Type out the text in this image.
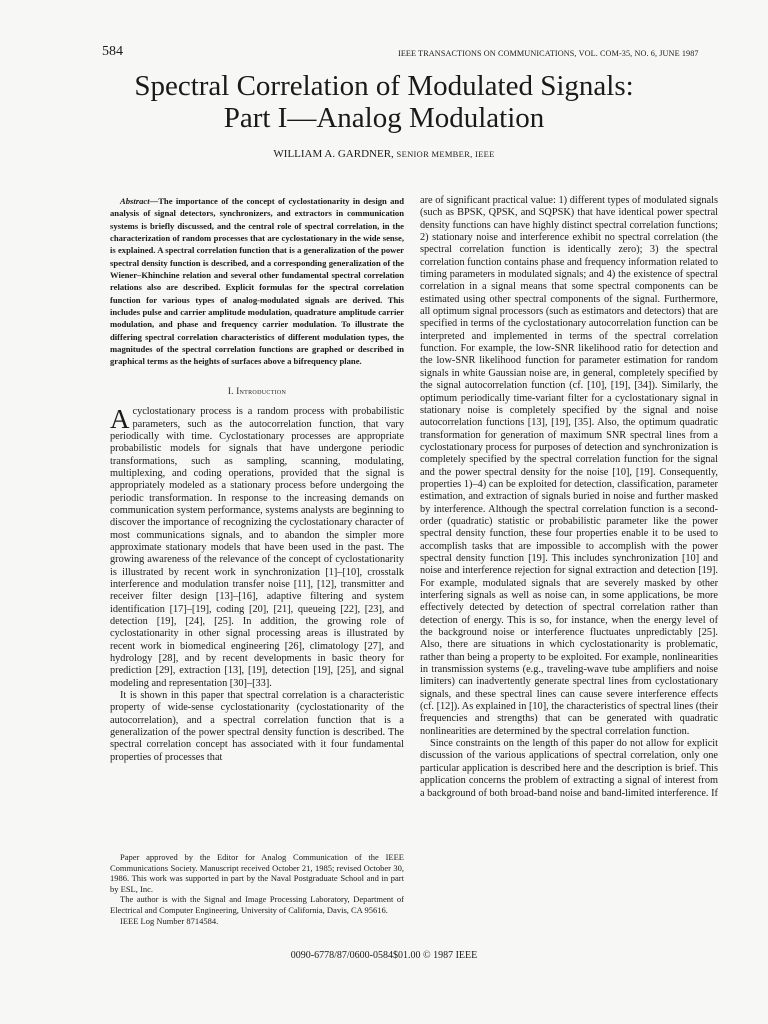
584	IEEE TRANSACTIONS ON COMMUNICATIONS, VOL. COM-35, NO. 6, JUNE 1987
Spectral Correlation of Modulated Signals:
Part I—Analog Modulation
WILLIAM A. GARDNER, SENIOR MEMBER, IEEE

Abstract—The importance of the concept of cyclostationarity in design and analysis of signal detectors, synchronizers, and extractors in communication systems is briefly discussed, and the central role of spectral correlation, in the characterization of random processes that are cyclostationary in the wide sense, is explained. A spectral correlation function that is a generalization of the power spectral density function is described, and a corresponding generalization of the Wiener–Khinchine relation and several other fundamental spectral correlation relations also are described. Explicit formulas for the spectral correlation function for various types of analog-modulated signals are derived. This includes pulse and carrier amplitude modulation, quadrature amplitude carrier modulation, and phase and frequency carrier modulation. To illustrate the differing spectral correlation characteristics of different modulation types, the magnitudes of the spectral correlation functions are graphed or described in graphical terms as the heights of surfaces above a bifrequency plane.

I. Introduction

Acyclostationary process is a random process with probabilistic parameters, such as the autocorrelation function, that vary periodically with time. Cyclostationary processes are appropriate probabilistic models for signals that have undergone periodic transformations, such as sampling, scanning, modulating, multiplexing, and coding operations, provided that the signal is appropriately modeled as a stationary process before undergoing the periodic transformation. In response to the increasing demands on communication system performance, systems analysts are beginning to discover the importance of recognizing the cyclostationary character of most communications signals, and to abandon the simpler more approximate stationary models that have been used in the past. The growing awareness of the relevance of the concept of cyclostationarity is illustrated by recent work in synchronization [1]–[10], crosstalk interference and modulation transfer noise [11], [12], transmitter and receiver filter design [13]–[16], adaptive filtering and system identification [17]–[19], coding [20], [21], queueing [22], [23], and detection [19], [24], [25]. In addition, the growing role of cyclostationarity in other signal processing areas is illustrated by recent work in biomedical engineering [26], climatology [27], and hydrology [28], and by recent developments in basic theory for prediction [29], extraction [13], [19], detection [19], [25], and signal modeling and representation [30]–[33].

It is shown in this paper that spectral correlation is a characteristic property of wide-sense cyclostationarity (cyclostationarity of the autocorrelation), and a spectral correlation function that is a generalization of the power spectral density function is described. The spectral correlation concept has associated with it four fundamental properties of processes that

Paper approved by the Editor for Analog Communication of the IEEE Communications Society. Manuscript received October 21, 1985; revised October 30, 1986. This work was supported in part by the Naval Postgraduate School and in part by ESL, Inc.

The author is with the Signal and Image Processing Laboratory, Department of Electrical and Computer Engineering, University of California, Davis, CA 95616.

IEEE Log Number 8714584.

are of significant practical value: 1) different types of modulated signals (such as BPSK, QPSK, and SQPSK) that have identical power spectral density functions can have highly distinct spectral correlation functions; 2) stationary noise and interference exhibit no spectral correlation (the spectral correlation function is identically zero); 3) the spectral correlation function contains phase and frequency information related to timing parameters in modulated signals; and 4) the existence of spectral correlation in a signal means that some spectral components can be estimated using other spectral components of the signal. Furthermore, all optimum signal processors (such as estimators and detectors) that are specified in terms of the cyclostationary autocorrelation function can be interpreted and implemented in terms of the spectral correlation function. For example, the low-SNR likelihood ratio for detection and the low-SNR likelihood function for parameter estimation for random signals in white Gaussian noise are, in general, completely specified by the signal autocorrelation function (cf. [10], [19], [34]). Similarly, the optimum periodically time-variant filter for a cyclostationary signal in stationary noise is completely specified by the signal and noise autocorrelation functions [13], [19], [35]. Also, the optimum quadratic transformation for generation of maximum SNR spectral lines from a cyclostationary process for purposes of detection and synchronization is completely specified by the spectral correlation function for the signal and the power spectral density for the noise [10], [19]. Consequently, properties 1)–4) can be exploited for detection, classification, parameter estimation, and extraction of signals buried in noise and further masked by interference. Although the spectral correlation function is a second-order (quadratic) statistic or probabilistic parameter like the power spectral density function, these four properties enable it to be used to accomplish tasks that are impossible to accomplish with the power spectral density function [19]. This includes synchronization [10] and noise and interference rejection for signal extraction and detection [19]. For example, modulated signals that are severely masked by other interfering signals as well as noise can, in some applications, be more effectively detected by detection of spectral correlation rather than detection of energy. This is so, for instance, when the energy level of the background noise or interference fluctuates unpredictably [25]. Also, there are situations in which cyclostationarity is problematic, rather than being a property to be exploited. For example, nonlinearities in transmission systems (e.g., traveling-wave tube amplifiers and noise limiters) can inadvertently generate spectral lines from cyclostationary signals, and these spectral lines can cause severe interference effects (cf. [12]). As explained in [10], the characteristics of spectral lines (their frequencies and strengths) that can be generated with quadratic nonlinearities are determined by the spectral correlation function.

Since constraints on the length of this paper do not allow for explicit discussion of the various applications of spectral correlation, only one particular application is described here and the description is brief. This application concerns the problem of extracting a signal of interest from a background of both broad-band noise and band-limited interference. If

0090-6778/87/0600-0584$01.00 © 1987 IEEE
